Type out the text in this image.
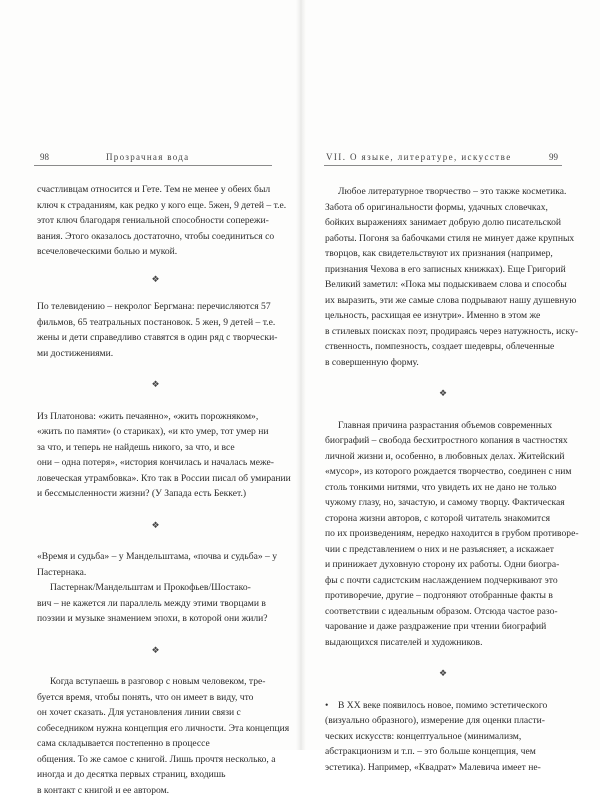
98	Прозрачная вода
счастливцам относится и Гете. Тем не менее у обеих был
ключ к страданиям, как редко у кого еще. 5жен, 9 детей – т.е.
этот ключ благодаря гениальной способности сопережи-
вания. Этого оказалось достаточно, чтобы соединиться со
всечеловеческими болью и мукой.
❖
По телевидению – некролог Бергмана: перечисляются 57
фильмов, 65 театральных постановок. 5 жен, 9 детей – т.е.
жены и дети справедливо ставятся в один ряд с творчески-
ми достижениями.
❖
Из Платонова: «жить печаянно», «жить порожняком»,
«жить по памяти» (о стариках), «и кто умер, тот умер ни
за что, и теперь не найдешь никого, за что, и все
они – одна потеря», «история кончилась и началась меже-
ловеческая утрамбовка». Кто так в России писал об умирании
и бессмысленности жизни? (У Запада есть Беккет.)
❖
«Время и судьба» – у Мандельштама, «почва и судьба» – у
Пастернака.
Пастернак/Мандельштам и Прокофьев/Шостако-
вич – не кажется ли параллель между этими творцами в
поэзии и музыке знамением эпохи, в которой они жили?
❖
Когда вступаешь в разговор с новым человеком, тре-
буется время, чтобы понять, что он имеет в виду, что
он хочет сказать. Для установления линии связи с
собеседником нужна концепция его личности. Эта концепция
сама складывается постепенно в процессе
общения. То же самое с книгой. Лишь прочтя несколько, а
иногда и до десятка первых страниц, входишь
в контакт с книгой и ее автором.
VII. О языке, литературе, искусстве	99
Любое литературное творчество – это также косметика.
Забота об оригинальности формы, удачных словечках,
бойких выражениях занимает добрую долю писательской
работы. Погоня за бабочками стиля не минует даже крупных
творцов, как свидетельствуют их признания (например,
признания Чехова в его записных книжках). Еще Григорий
Великий заметил: «Пока мы подыскиваем слова и способы
их выразить, эти же самые слова подрывают нашу душевную
цельность, расхищая ее изнутри». Именно в этом же
в стилевых поисках поэт, продираясь через натужность, иску-
ственность, помпезность, создает шедевры, облеченные
в совершенную форму.
❖
Главная причина разрастания объемов современных
биографий – свобода бесхитростного копания в частностях
личной жизни и, особенно, в любовных делах. Житейский
«мусор», из которого рождается творчество, соединен с ним
столь тонкими нитями, что увидеть их не дано не только
чужому глазу, но, зачастую, и самому творцу. Фактическая
сторона жизни авторов, с которой читатель знакомится
по их произведениям, нередко находится в грубом противоре-
чии с представлением о них и не разъясняет, а искажает
и принижает духовную сторону их работы. Одни биогра-
фы с почти садистским наслаждением подчеркивают это
противоречие, другие – подгоняют отобранные факты в
соответствии с идеальным образом. Отсюда частое разо-
чарование и даже раздражение при чтении биографий
выдающихся писателей и художников.
❖
• В XX веке появилось новое, помимо эстетического
(визуально образного), измерение для оценки пласти-
ческих искусств: концептуальное (минимализм,
абстракционизм и т.п. – это больше концепция, чем
эстетика). Например, «Квадрат» Малевича имеет не-
